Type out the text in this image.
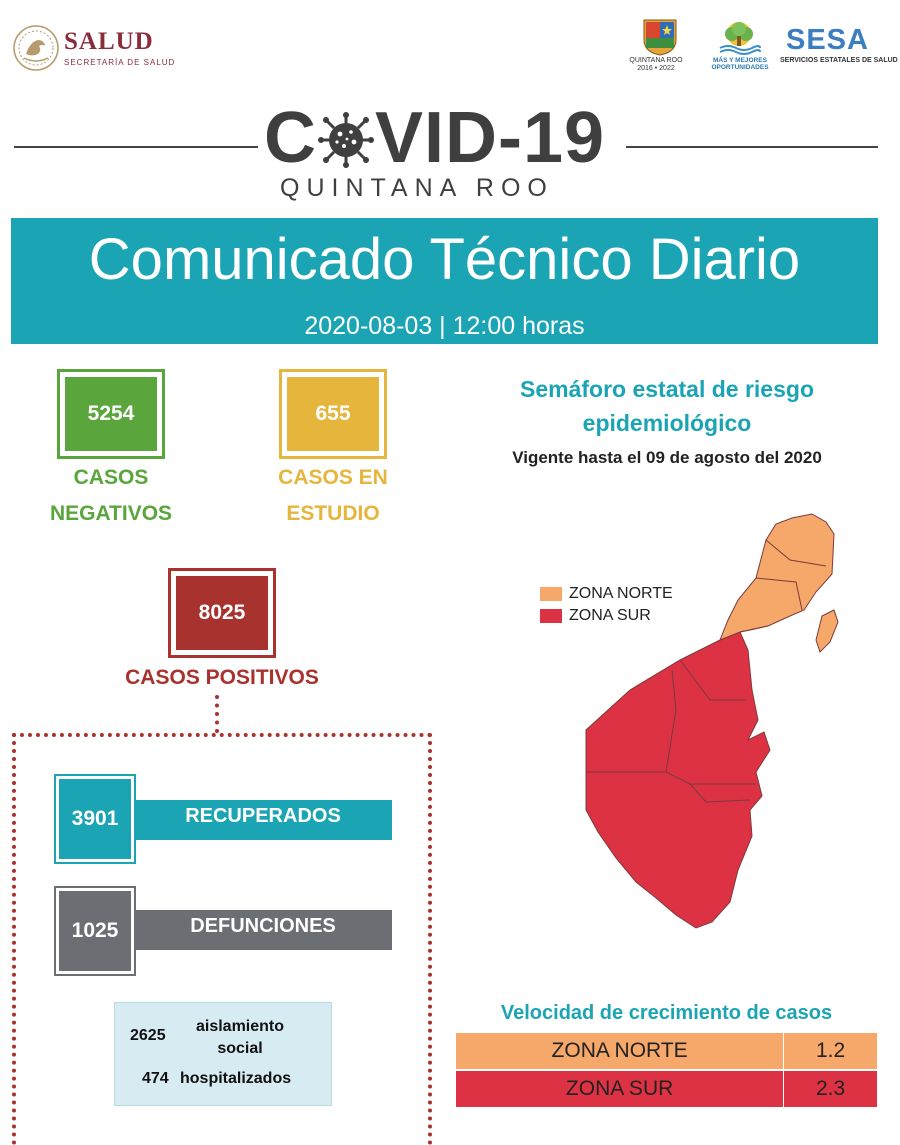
SALUD
SECRETARÍA DE SALUD	QUINTANA ROO
2016 • 2022
MÁS Y MEJORES
OPORTUNIDADES
SESA
SERVICIOS ESTATALES DE SALUD
C VID-19
QUINTANA ROO
Comunicado Técnico Diario
2020-08-03 | 12:00 horas
5254
CASOS
NEGATIVOS
655
CASOS EN
ESTUDIO
8025
CASOS POSITIVOS
RECUPERADOS
3901
DEFUNCIONES
1025
2625
aislamiento
social
474 hospitalizados
Semáforo estatal de riesgo
epidemiológico
Vigente hasta el 09 de agosto del 2020
ZONA NORTE
ZONA SUR
Velocidad de crecimiento de casos
ZONA NORTE	1.2
ZONA SUR	2.3
